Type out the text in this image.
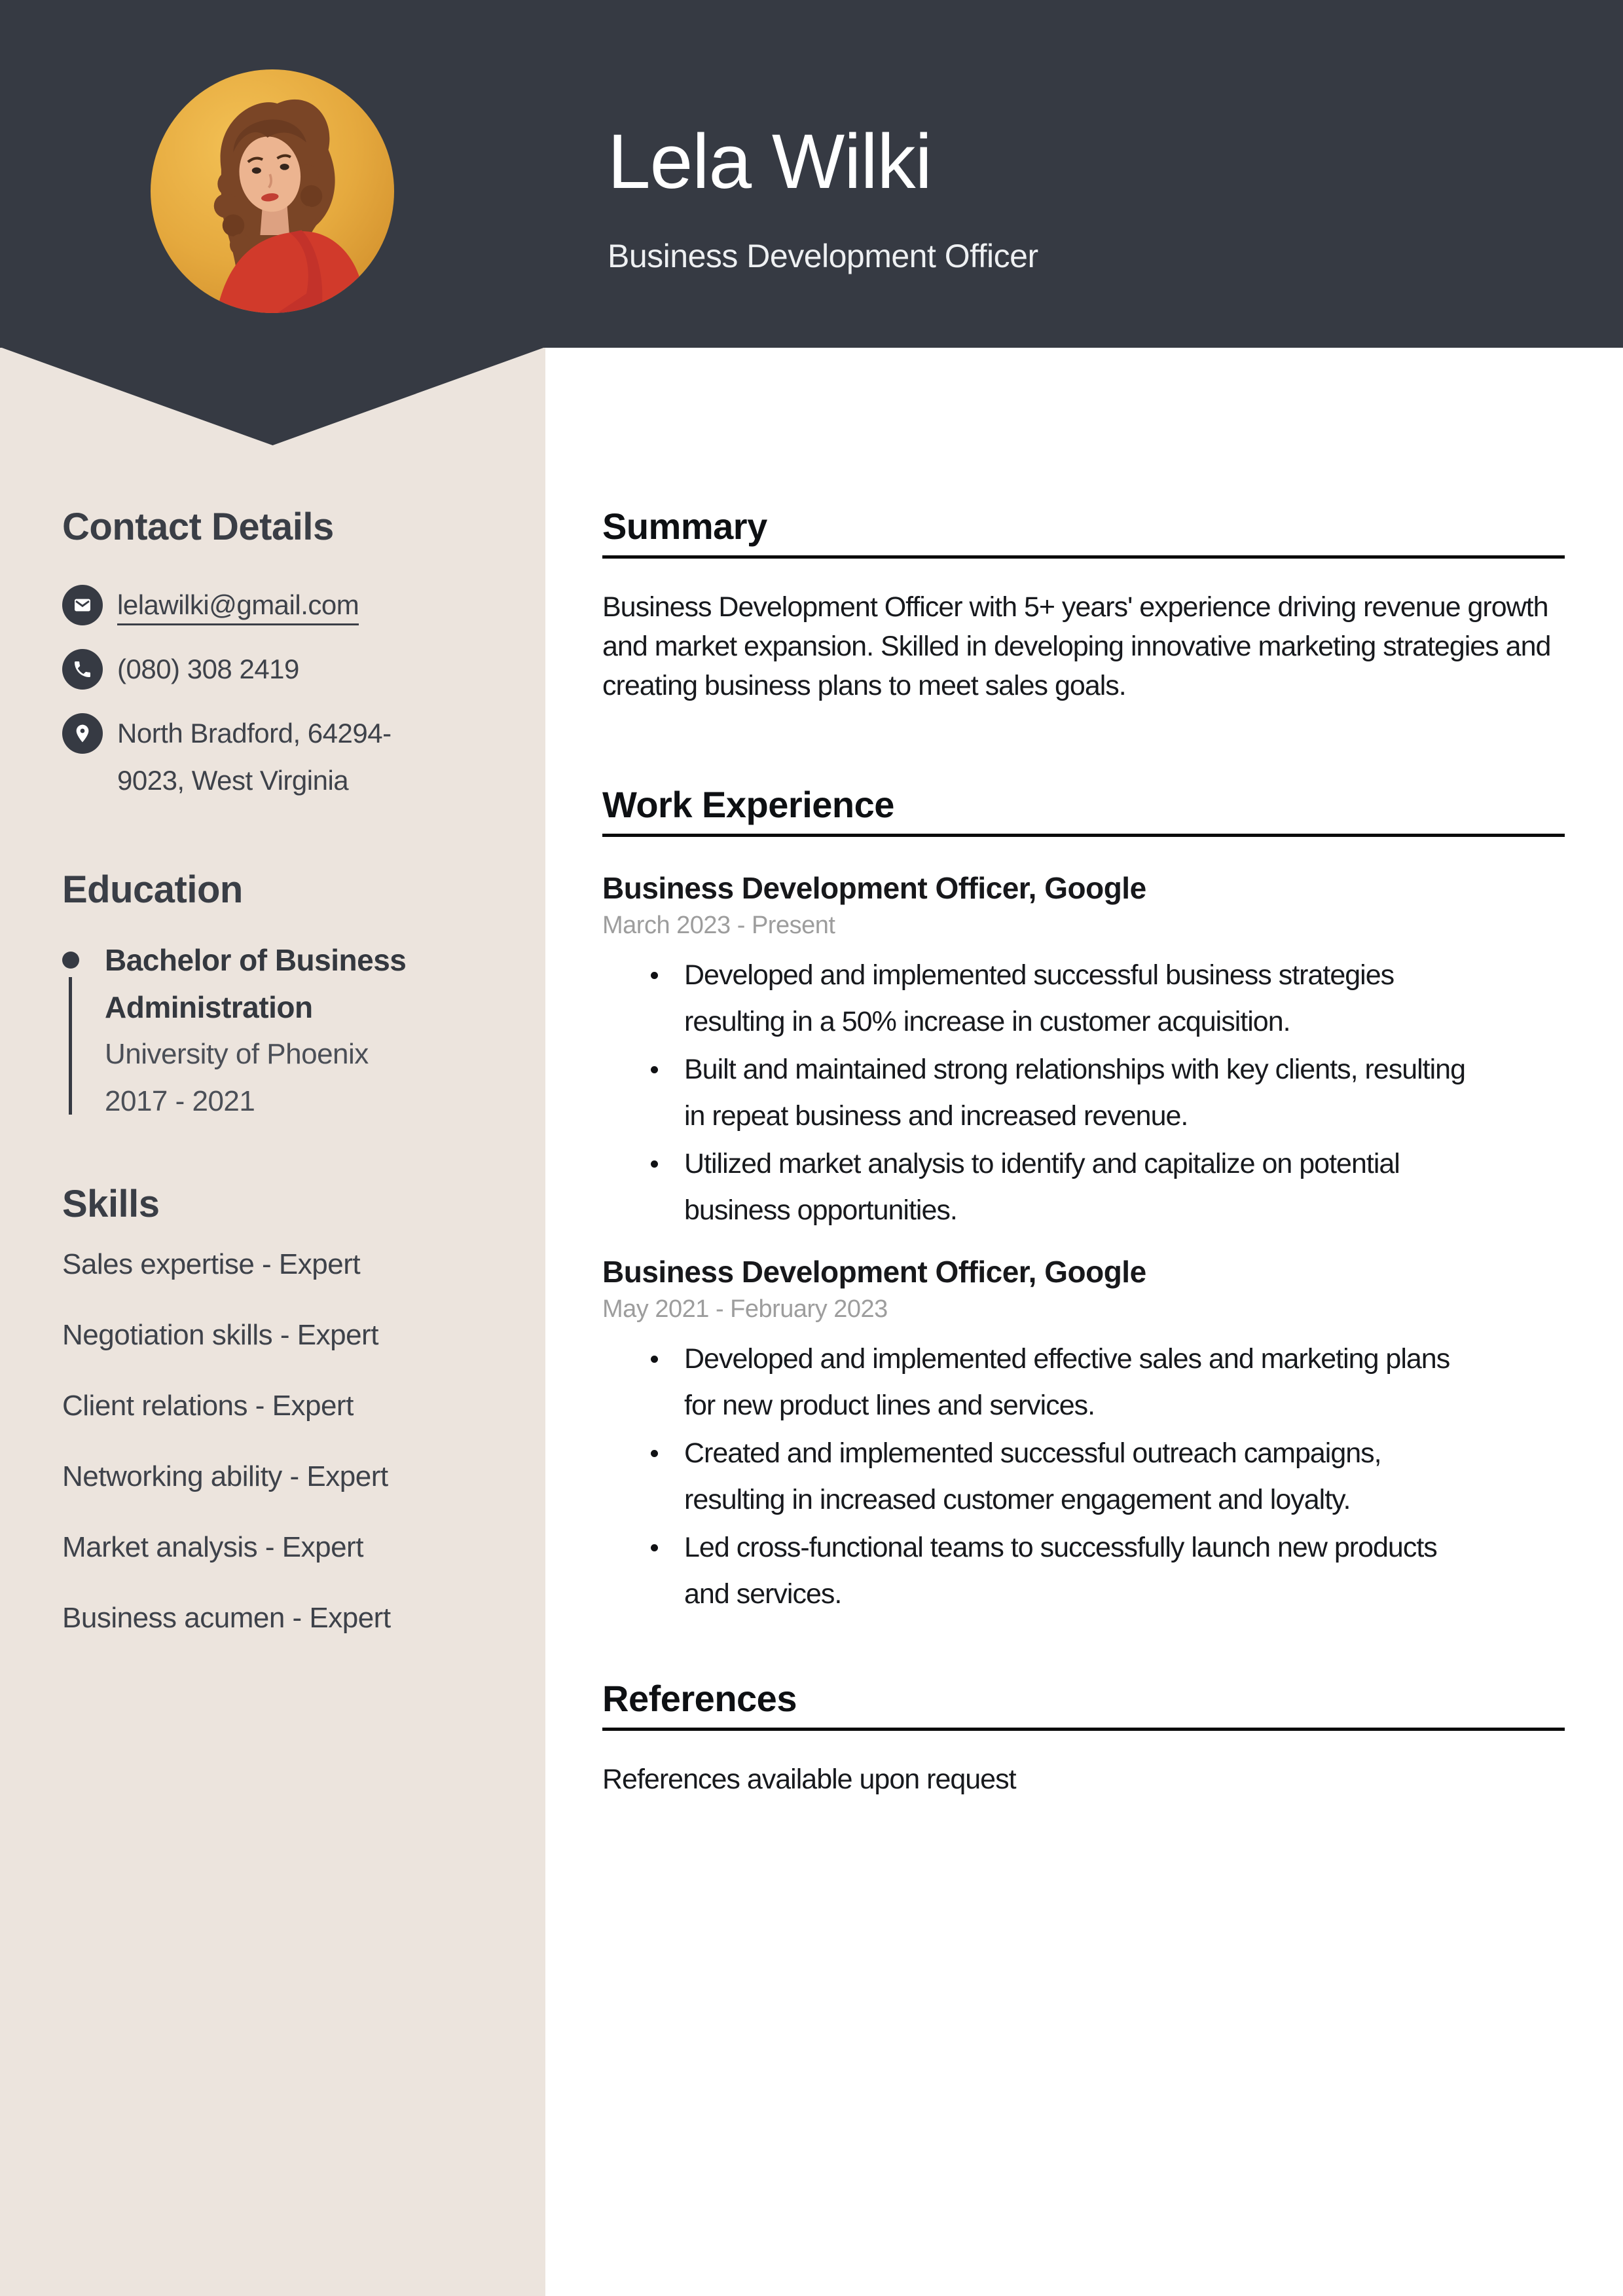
Lela Wilki
Business Development Officer
Contact Details
lelawilki@gmail.com
(080) 308 2419
North Bradford, 64294-9023, West Virginia
Education
Bachelor of Business Administration
University of Phoenix
2017 - 2021
Skills
Sales expertise - Expert
Negotiation skills - Expert
Client relations - Expert
Networking ability - Expert
Market analysis - Expert
Business acumen - Expert
Summary
Business Development Officer with 5+ years' experience driving revenue growth and market expansion. Skilled in developing innovative marketing strategies and creating business plans to meet sales goals.
Work Experience
Business Development Officer, Google
March 2023 - Present
Developed and implemented successful business strategies resulting in a 50% increase in customer acquisition.
Built and maintained strong relationships with key clients, resulting in repeat business and increased revenue.
Utilized market analysis to identify and capitalize on potential business opportunities.
Business Development Officer, Google
May 2021 - February 2023
Developed and implemented effective sales and marketing plans for new product lines and services.
Created and implemented successful outreach campaigns, resulting in increased customer engagement and loyalty.
Led cross-functional teams to successfully launch new products and services.
References
References available upon request
